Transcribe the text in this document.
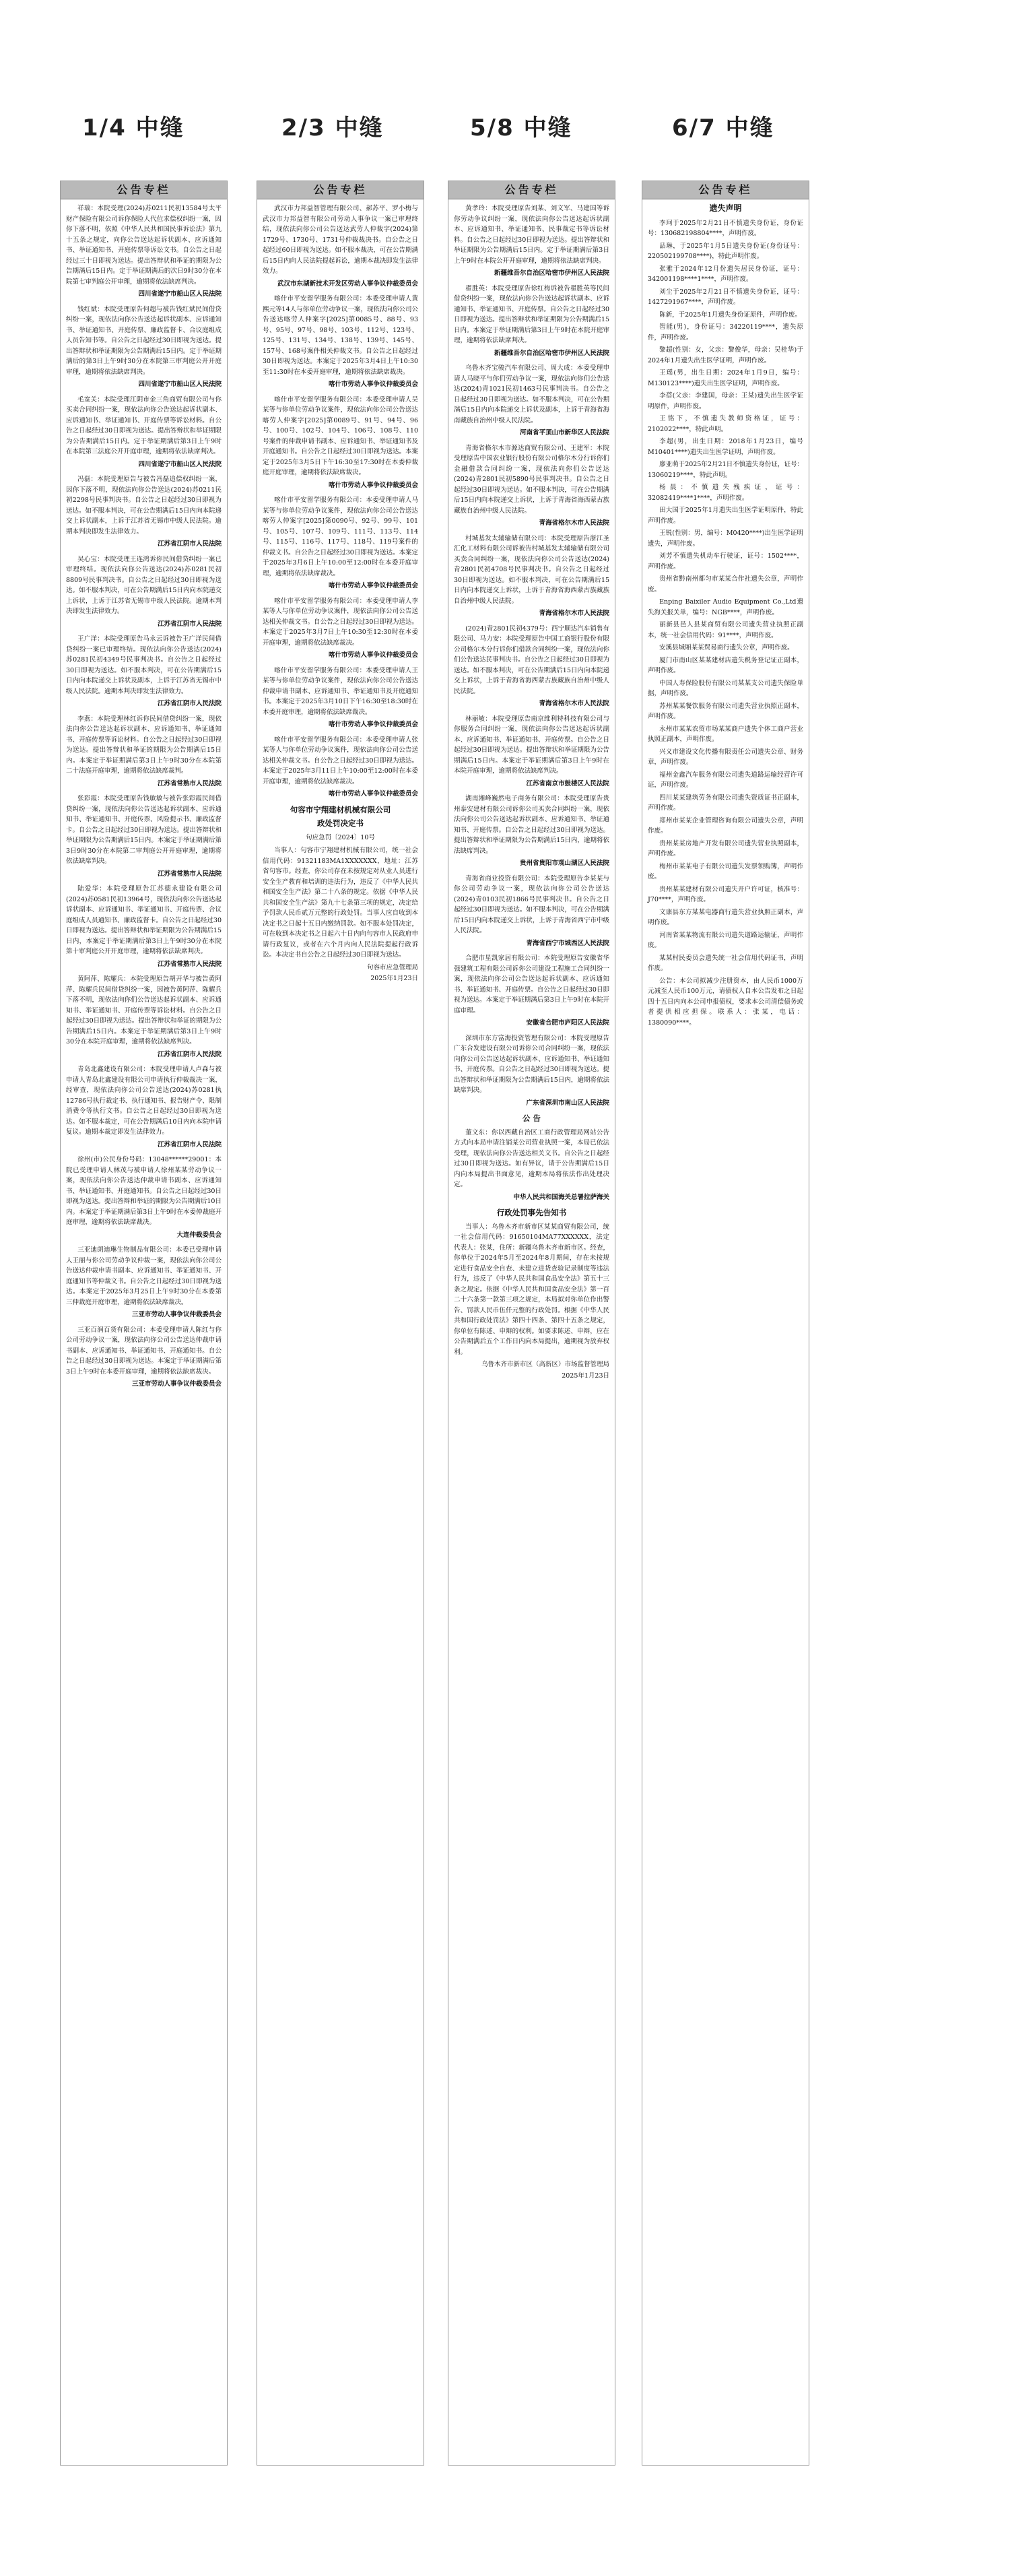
1/4 中缝	2/3 中缝	5/8 中缝	6/7 中缝
公告专栏
祥瑞：本院受理(2024)苏0211民初13584号太平财产保险有限公司诉你保险人代位求偿权纠纷一案，因你下落不明，依照《中华人民共和国民事诉讼法》第九十五条之规定，向你公告送达起诉状副本、应诉通知书、举证通知书、开庭传票等诉讼文书。自公告之日起经过三十日即视为送达。提出答辩状和举证的期限为公告期满后15日内。定于举证期满后的次日9时30分在本院第七审判庭公开审理，逾期将依法缺席判决。
四川省遂宁市船山区人民法院
钱红斌：本院受理原告何超与被告钱红斌民间借贷纠纷一案，现依法向你公告送达起诉状副本、应诉通知书、举证通知书、开庭传票、廉政监督卡、合议庭组成人员告知书等。自公告之日起经过30日即视为送达。提出答辩状和举证期限为公告期满后15日内。定于举证期满后的第3日上午9时30分在本院第三审判庭公开开庭审理，逾期将依法缺席判决。
四川省遂宁市船山区人民法院
毛宽关：本院受理江阴市金三角商贸有限公司与你买卖合同纠纷一案，现依法向你公告送达起诉状副本、应诉通知书、举证通知书、开庭传票等诉讼材料。自公告之日起经过30日即视为送达。提出答辩状和举证期限为公告期满后15日内。定于举证期满后第3日上午9时在本院第三法庭公开开庭审理，逾期将依法缺席判决。
四川省遂宁市船山区人民法院
冯磊：本院受理原告与被告冯磊追偿权纠纷一案，因你下落不明，现依法向你公告送达(2024)苏0211民初2298号民事判决书。自公告之日起经过30日即视为送达。如不服本判决，可在公告期满后15日内向本院递交上诉状副本，上诉于江苏省无锡市中级人民法院。逾期本判决即发生法律效力。
江苏省江阴市人民法院
吴心宝：本院受理王连鸿诉你民间借贷纠纷一案已审理终结。现依法向你公告送达(2024)苏0281民初8809号民事判决书。自公告之日起经过30日即视为送达。如不服本判决，可在公告期满后15日内向本院递交上诉状，上诉于江苏省无锡市中级人民法院。逾期本判决即发生法律效力。
江苏省江阴市人民法院
王广洋：本院受理原告马永云诉被告王广洋民间借贷纠纷一案已审理终结。现依法向你公告送达(2024)苏0281民初4349号民事判决书。自公告之日起经过30日即视为送达。如不服本判决，可在公告期满后15日内向本院递交上诉状及副本，上诉于江苏省无锡市中级人民法院。逾期本判决即发生法律效力。
江苏省江阴市人民法院
李燕：本院受理林红诉你民间借贷纠纷一案，现依法向你公告送达起诉状副本、应诉通知书、举证通知书、开庭传票等诉讼材料。自公告之日起经过30日即视为送达。提出答辩状和举证的期限为公告期满后15日内。本案定于举证期满后第3日上午9时30分在本院第二十法庭开庭审理，逾期将依法缺席裁判。
江苏省常熟市人民法院
张彩霞：本院受理原告钱敏敏与被告张彩霞民间借贷纠纷一案，现依法向你公告送达起诉状副本、应诉通知书、举证通知书、开庭传票、风险提示书、廉政监督卡。自公告之日起经过30日即视为送达。提出答辩状和举证期限为公告期满后15日内。本案定于举证期满后第3日9时30分在本院第二审判庭公开开庭审理，逾期将依法缺席判决。
江苏省常熟市人民法院
陆爱华：本院受理原告江苏德永建设有限公司(2024)苏0581民初13964号，现依法向你公告送达起诉状副本、应诉通知书、举证通知书、开庭传票、合议庭组成人员通知书、廉政监督卡。自公告之日起经过30日即视为送达。提出答辩状和举证期限为公告期满后15日内，本案定于举证期满后第3日上午9时30分在本院第十审判庭公开开庭审理，逾期将依法缺席判决。
江苏省常熟市人民法院
黄阿萍、陈耀兵：本院受理原告胡开华与被告黄阿萍、陈耀兵民间借贷纠纷一案，因被告黄阿萍、陈耀兵下落不明，现依法向你们公告送达起诉状副本、应诉通知书、举证通知书、开庭传票等诉讼材料。自公告之日起经过30日即视为送达。提出答辩状和举证的期限为公告期满后15日内。本案定于举证期满后第3日上午9时30分在本院开庭审理，逾期将依法缺席判决。
江苏省江阴市人民法院
青岛北鑫建设有限公司：本院受理申请人卢森与被申请人青岛北鑫建设有限公司申请执行仲裁裁决一案，经审查，现依法向你公司公告送达(2024)苏0281执12786号执行裁定书、执行通知书、报告财产令、限制消费令等执行文书。自公告之日起经过30日即视为送达。如不服本裁定，可在公告期满后10日内向本院申请复议。逾期本裁定即发生法律效力。
江苏省江阴市人民法院
徐州(市)公民身份号码：13048******29001：本院已受理申请人林茂与被申请人徐州某某劳动争议一案，现依法向你公告送达仲裁申请书副本、应诉通知书、举证通知书、开庭通知书。自公告之日起经过30日即视为送达。提出答辩和举证的期限为公告期满后10日内。本案定于举证期满后第3日上午9时在本委仲裁庭开庭审理，逾期将依法缺席裁决。
大连仲裁委员会
三亚迪朗迪琳生物制品有限公司：本委已受理申请人王丽与你公司劳动争议仲裁一案，现依法向你公司公告送达仲裁申请书副本、应诉通知书、举证通知书、开庭通知书等仲裁文书。自公告之日起经过30日即视为送达。本案定于2025年3月25日上午9时30分在本委第三仲裁庭开庭审理，逾期将依法缺席裁决。
三亚市劳动人事争议仲裁委员会
三亚百润百货有限公司：本委受理申请人陈红与你公司劳动争议一案，现依法向你公司公告送达仲裁申请书副本、应诉通知书、举证通知书、开庭通知书。自公告之日起经过30日即视为送达。本案定于举证期满后第3日上午9时在本委开庭审理，逾期将依法缺席裁决。
三亚市劳动人事争议仲裁委员会
公告专栏
武汉市力邦益智管理有限公司、郝苏平、罗小梅与武汉市力邦益智有限公司劳动人事争议一案已审理终结，现依法向你公司公告送达武劳人仲裁字(2024)第1729号、1730号、1731号仲裁裁决书。自公告之日起经过60日即视为送达。如不服本裁决，可在公告期满后15日内向人民法院提起诉讼，逾期本裁决即发生法律效力。
武汉市东湖新技术开发区劳动人事争议仲裁委员会
喀什市平安留学服务有限公司：本委受理申请人黄熙元等14人与你单位劳动争议一案，现依法向你公司公告送达喀劳人仲案字[2025]第0085号、88号、93号、95号、97号、98号、103号、112号、123号、125号、131号、134号、138号、139号、145号、157号、168号案件相关仲裁文书。自公告之日起经过30日即视为送达。本案定于2025年3月4日上午10:30至11:30时在本委开庭审理，逾期将依法缺席裁决。
喀什市劳动人事争议仲裁委员会
喀什市平安留学服务有限公司：本委受理申请人吴某等与你单位劳动争议案件，现依法向你公司公告送达喀劳人仲案字[2025]第0089号、91号、94号、96号、100号、102号、104号、106号、108号、110号案件的仲裁申请书副本、应诉通知书、举证通知书及开庭通知书。自公告之日起经过30日即视为送达。本案定于2025年3月5日下午16:30至17:30时在本委仲裁庭开庭审理，逾期将依法缺席裁决。
喀什市劳动人事争议仲裁委员会
喀什市平安留学服务有限公司：本委受理申请人马某等与你单位劳动争议案件，现依法向你公司公告送达喀劳人仲案字[2025]第0090号、92号、99号、101号、105号、107号、109号、111号、113号、114号、115号、116号、117号、118号、119号案件的仲裁文书。自公告之日起经过30日即视为送达。本案定于2025年3月6日上午10:00至12:00时在本委开庭审理，逾期将依法缺席裁决。
喀什市劳动人事争议仲裁委员会
喀什市平安留学服务有限公司：本委受理申请人李某等人与你单位劳动争议案件，现依法向你公司公告送达相关仲裁文书。自公告之日起经过30日即视为送达。本案定于2025年3月7日上午10:30至12:30时在本委开庭审理，逾期将依法缺席裁决。
喀什市劳动人事争议仲裁委员会
喀什市平安留学服务有限公司：本委受理申请人王某等与你单位劳动争议案件，现依法向你公司公告送达仲裁申请书副本、应诉通知书、举证通知书及开庭通知书。本案定于2025年3月10日下午16:30至18:30时在本委开庭审理，逾期将依法缺席裁决。
喀什市劳动人事争议仲裁委员会
喀什市平安留学服务有限公司：本委受理申请人张某等人与你单位劳动争议案件，现依法向你公司公告送达相关仲裁文书。自公告之日起经过30日即视为送达。本案定于2025年3月11日上午10:00至12:00时在本委开庭审理，逾期将依法缺席裁决。
喀什市劳动人事争议仲裁委员会
句容市宁翔建材机械有限公司
政处罚决定书
句应急罚〔2024〕10号
当事人：句容市宁翔建材机械有限公司，统一社会信用代码：91321183MA1XXXXXXX，地址：江苏省句容市。经查，你公司存在未按规定对从业人员进行安全生产教育和培训的违法行为，违反了《中华人民共和国安全生产法》第二十八条的规定。依据《中华人民共和国安全生产法》第九十七条第三项的规定，决定给予罚款人民币贰万元整的行政处罚。当事人应自收到本决定书之日起十五日内缴纳罚款。如不服本处罚决定，可在收到本决定书之日起六十日内向句容市人民政府申请行政复议，或者在六个月内向人民法院提起行政诉讼。本决定书自公告之日起经过30日即视为送达。
句容市应急管理局
2025年1月23日
公告专栏
黄孝玲：本院受理原告刘某、刘文军、马建国等诉你劳动争议纠纷一案，现依法向你公告送达起诉状副本、应诉通知书、举证通知书、民事裁定书等诉讼材料。自公告之日起经过30日即视为送达。提出答辩状和举证期限为公告期满后15日内。定于举证期满后第3日上午9时在本院公开开庭审理，逾期将依法缺席判决。
新疆维吾尔自治区哈密市伊州区人民法院
翟胜英：本院受理原告徐红梅诉被告翟胜英等民间借贷纠纷一案，现依法向你公告送达起诉状副本、应诉通知书、举证通知书、开庭传票。自公告之日起经过30日即视为送达。提出答辩状和举证期限为公告期满后15日内。本案定于举证期满后第3日上午9时在本院开庭审理，逾期将依法缺席判决。
新疆维吾尔自治区哈密市伊州区人民法院
乌鲁木齐宝骏汽车有限公司、周大成：本委受理申请人马晓平与你们劳动争议一案，现依法向你们公告送达(2024)青1021民初1463号民事判决书。自公告之日起经过30日即视为送达。如不服本判决，可在公告期满后15日内向本院递交上诉状及副本，上诉于青海省海南藏族自治州中级人民法院。
河南省平顶山市新华区人民法院
青海省格尔木市源达商贸有限公司、王建军：本院受理原告中国农业银行股份有限公司格尔木分行诉你们金融借款合同纠纷一案，现依法向你们公告送达(2024)青2801民初5890号民事判决书。自公告之日起经过30日即视为送达。如不服本判决，可在公告期满后15日内向本院递交上诉状，上诉于青海省海西蒙古族藏族自治州中级人民法院。
青海省格尔木市人民法院
村城基发太辅输储有限公司：本院受理原告浙江圣汇化工材料有限公司诉被告村城基发太辅输储有限公司买卖合同纠纷一案，现依法向你公司公告送达(2024)青2801民初4708号民事判决书。自公告之日起经过30日即视为送达。如不服本判决，可在公告期满后15日内向本院递交上诉状，上诉于青海省海西蒙古族藏族自治州中级人民法院。
青海省格尔木市人民法院
(2024)青2801民初4379号：西宁顺达汽车销售有限公司、马力安：本院受理原告中国工商银行股份有限公司格尔木分行诉你们借款合同纠纷一案，现依法向你们公告送达民事判决书。自公告之日起经过30日即视为送达。如不服本判决，可在公告期满后15日内向本院递交上诉状，上诉于青海省海西蒙古族藏族自治州中级人民法院。
青海省格尔木市人民法院
林丽敏：本院受理原告南京维利特科技有限公司与你服务合同纠纷一案，现依法向你公告送达起诉状副本、应诉通知书、举证通知书、开庭传票。自公告之日起经过30日即视为送达。提出答辩状和举证期限为公告期满后15日内。本案定于举证期满后第3日上午9时在本院开庭审理，逾期将依法缺席判决。
江苏省南京市鼓楼区人民法院
湖南湘峰巍然电子商务有限公司：本院受理原告贵州泰安建材有限公司诉你公司买卖合同纠纷一案，现依法向你公司公告送达起诉状副本、应诉通知书、举证通知书、开庭传票。自公告之日起经过30日即视为送达。提出答辩状和举证期限为公告期满后15日内，逾期将依法缺席判决。
贵州省贵阳市观山湖区人民法院
青海省商业投资有限公司：本院受理原告李某某与你公司劳动争议一案，现依法向你公司公告送达(2024)青0103民初1866号民事判决书。自公告之日起经过30日即视为送达。如不服本判决，可在公告期满后15日内向本院递交上诉状，上诉于青海省西宁市中级人民法院。
青海省西宁市城西区人民法院
合肥市星凯家居有限公司：本院受理原告安徽省华强建筑工程有限公司诉你公司建设工程施工合同纠纷一案，现依法向你公司公告送达起诉状副本、应诉通知书、举证通知书、开庭传票。自公告之日起经过30日即视为送达。本案定于举证期满后第3日上午9时在本院开庭审理。
安徽省合肥市庐阳区人民法院
深圳市东方富海投资管理有限公司：本院受理原告广东合发建设有限公司诉你公司合同纠纷一案，现依法向你公司公告送达起诉状副本、应诉通知书、举证通知书、开庭传票。自公告之日起经过30日即视为送达。提出答辩状和举证期限为公告期满后15日内，逾期将依法缺席判决。
广东省深圳市南山区人民法院
公 告
董文东：你以西藏自治区工商行政管理局网站公告方式向本局申请注销某公司营业执照一案，本局已依法受理，现依法向你公告送达相关文书。自公告之日起经过30日即视为送达。如有异议，请于公告期满后15日内向本局提出书面意见，逾期本局将依法作出处理决定。
中华人民共和国海关总署拉萨海关
行政处罚事先告知书
当事人：乌鲁木齐市新市区某某商贸有限公司，统一社会信用代码：91650104MA77XXXXXX，法定代表人：张某，住所：新疆乌鲁木齐市新市区。经查，你单位于2024年5月至2024年8月期间，存在未按规定进行食品安全自查、未建立进货查验记录制度等违法行为，违反了《中华人民共和国食品安全法》第五十三条之规定。依据《中华人民共和国食品安全法》第一百二十六条第一款第三项之规定，本局拟对你单位作出警告、罚款人民币伍仟元整的行政处罚。根据《中华人民共和国行政处罚法》第四十四条、第四十五条之规定，你单位有陈述、申辩的权利。如要求陈述、申辩，应在公告期满后五个工作日内向本局提出，逾期视为放弃权利。
乌鲁木齐市新市区（高新区）市场监督管理局
2025年1月23日
公告专栏
遗失声明
李珂于2025年2月21日不慎遗失身份证，身份证号：130682198804****，声明作废。
品琳，于2025年1月5日遗失身份证(身份证号：220502199708****)，特此声明作废。
张雅于2024年12月份遗失居民身份证，证号：342001198****1****，声明作废。
刘尘于2025年2月21日不慎遗失身份证，证号：1427291967****，声明作废。
陈新，于2025年1月遗失身份证原件，声明作废。
智能(男)，身份证号：34220119****，遗失原件，声明作废。
黎超(性别：女，父亲：黎俊华，母亲：吴桂华)于2024年1月遗失出生医学证明，声明作废。
王瑶(男，出生日期：2024年1月9日，编号：M130123****)遗失出生医学证明，声明作废。
李蓓(父亲：李建国，母亲：王某)遗失出生医学证明原件，声明作废。
王铭下，不慎遗失教师资格证，证号：2102022****，特此声明。
李超(男，出生日期：2018年1月23日，编号M10401****)遗失出生医学证明，声明作废。
廖亚萌于2025年2月21日不慎遗失身份证，证号：13060219****，特此声明。
杨晨：不慎遗失残疾证，证号：32082419****1****，声明作废。
田大国于2025年1月遗失出生医学证明原件，特此声明作废。
王锐(性别：男，编号：M0420****)出生医学证明遗失，声明作废。
刘芳不慎遗失机动车行驶证，证号：1502****，声明作废。
贵州省黔南州都匀市某某合作社遗失公章，声明作废。
Enping Baixiler Audio Equipment Co.,Ltd遗失海关报关单，编号：NGB****，声明作废。
丽新县邑人县某商贸有限公司遗失营业执照正副本，统一社会信用代码：91****，声明作废。
安溪县城厢某某贸易商行遗失公章，声明作废。
厦门市南山区某某建材店遗失税务登记证正副本，声明作废。
中国人寿保险股份有限公司某某支公司遗失保险单据，声明作废。
苏州某某餐饮服务有限公司遗失营业执照正副本，声明作废。
永州市某某农贸市场某某商户遗失个体工商户营业执照正副本，声明作废。
兴义市建设文化传播有限责任公司遗失公章、财务章，声明作废。
福州金鑫汽车服务有限公司遗失道路运输经营许可证，声明作废。
四川某某建筑劳务有限公司遗失资质证书正副本，声明作废。
郑州市某某企业管理咨询有限公司遗失公章，声明作废。
贵州某某房地产开发有限公司遗失营业执照副本，声明作废。
梅州市某某电子有限公司遗失发票领购簿，声明作废。
贵州某某建材有限公司遗失开户许可证，核准号：J70****，声明作废。
文康县东方某某电器商行遗失营业执照正副本，声明作废。
河南省某某物流有限公司遗失道路运输证，声明作废。
某某村民委员会遗失统一社会信用代码证书，声明作废。
公告：本公司拟减少注册资本，由人民币1000万元减至人民币100万元，请债权人自本公告发布之日起四十五日内向本公司申报债权，要求本公司清偿债务或者提供相应担保。联系人：张某，电话：1380090****。
